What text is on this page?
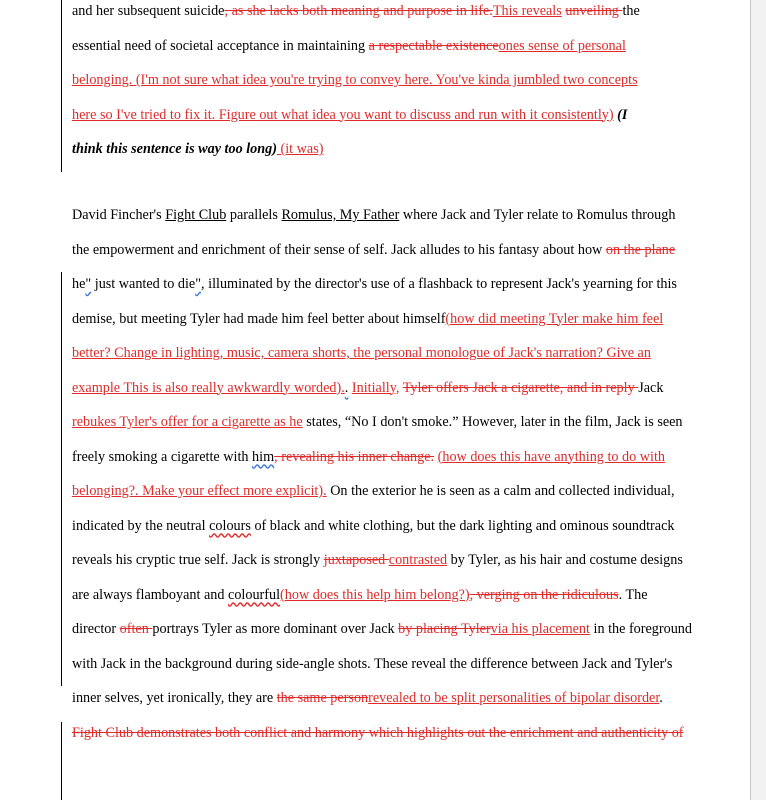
and her subsequent suicide, as she lacks both meaning and purpose in life.This reveals unveiling the
essential need of societal acceptance in maintaining a respectable existenceones sense of personal
belonging. (I'm not sure what idea you're trying to convey here. You've kinda jumbled two concepts
here so I've tried to fix it. Figure out what idea you want to discuss and run with it consistently) (I
think this sentence is way too long) (it was)
David Fincher's Fight Club parallels Romulus, My Father where Jack and Tyler relate to Romulus through the empowerment and enrichment of their sense of self. Jack alludes to his fantasy about how on the plane he" just wanted to die", illuminated by the director's use of a flashback to represent Jack's yearning for this demise, but meeting Tyler had made him feel better about himself(how did meeting Tyler make him feel better? Change in lighting, music, camera shorts, the personal monologue of Jack's narration? Give an example This is also really awkwardly worded).. Initially, Tyler offers Jack a cigarette, and in reply Jack rebukes Tyler's offer for a cigarette as he states, “No I don't smoke.” However, later in the film, Jack is seen freely smoking a cigarette with him, revealing his inner change. (how does this have anything to do with belonging?. Make your effect more explicit). On the exterior he is seen as a calm and collected individual, indicated by the neutral colours of black and white clothing, but the dark lighting and ominous soundtrack reveals his cryptic true self. Jack is strongly juxtaposed contrasted by Tyler, as his hair and costume designs are always flamboyant and colourful(how does this help him belong?), verging on the ridiculous. The director often portrays Tyler as more dominant over Jack by placing Tylervia his placement in the foreground with Jack in the background during side-angle shots. These reveal the difference between Jack and Tyler's inner selves, yet ironically, they are the same personrevealed to be split personalities of bipolar disorder. Fight Club demonstrates both conflict and harmony which highlights out the enrichment and authenticity of
